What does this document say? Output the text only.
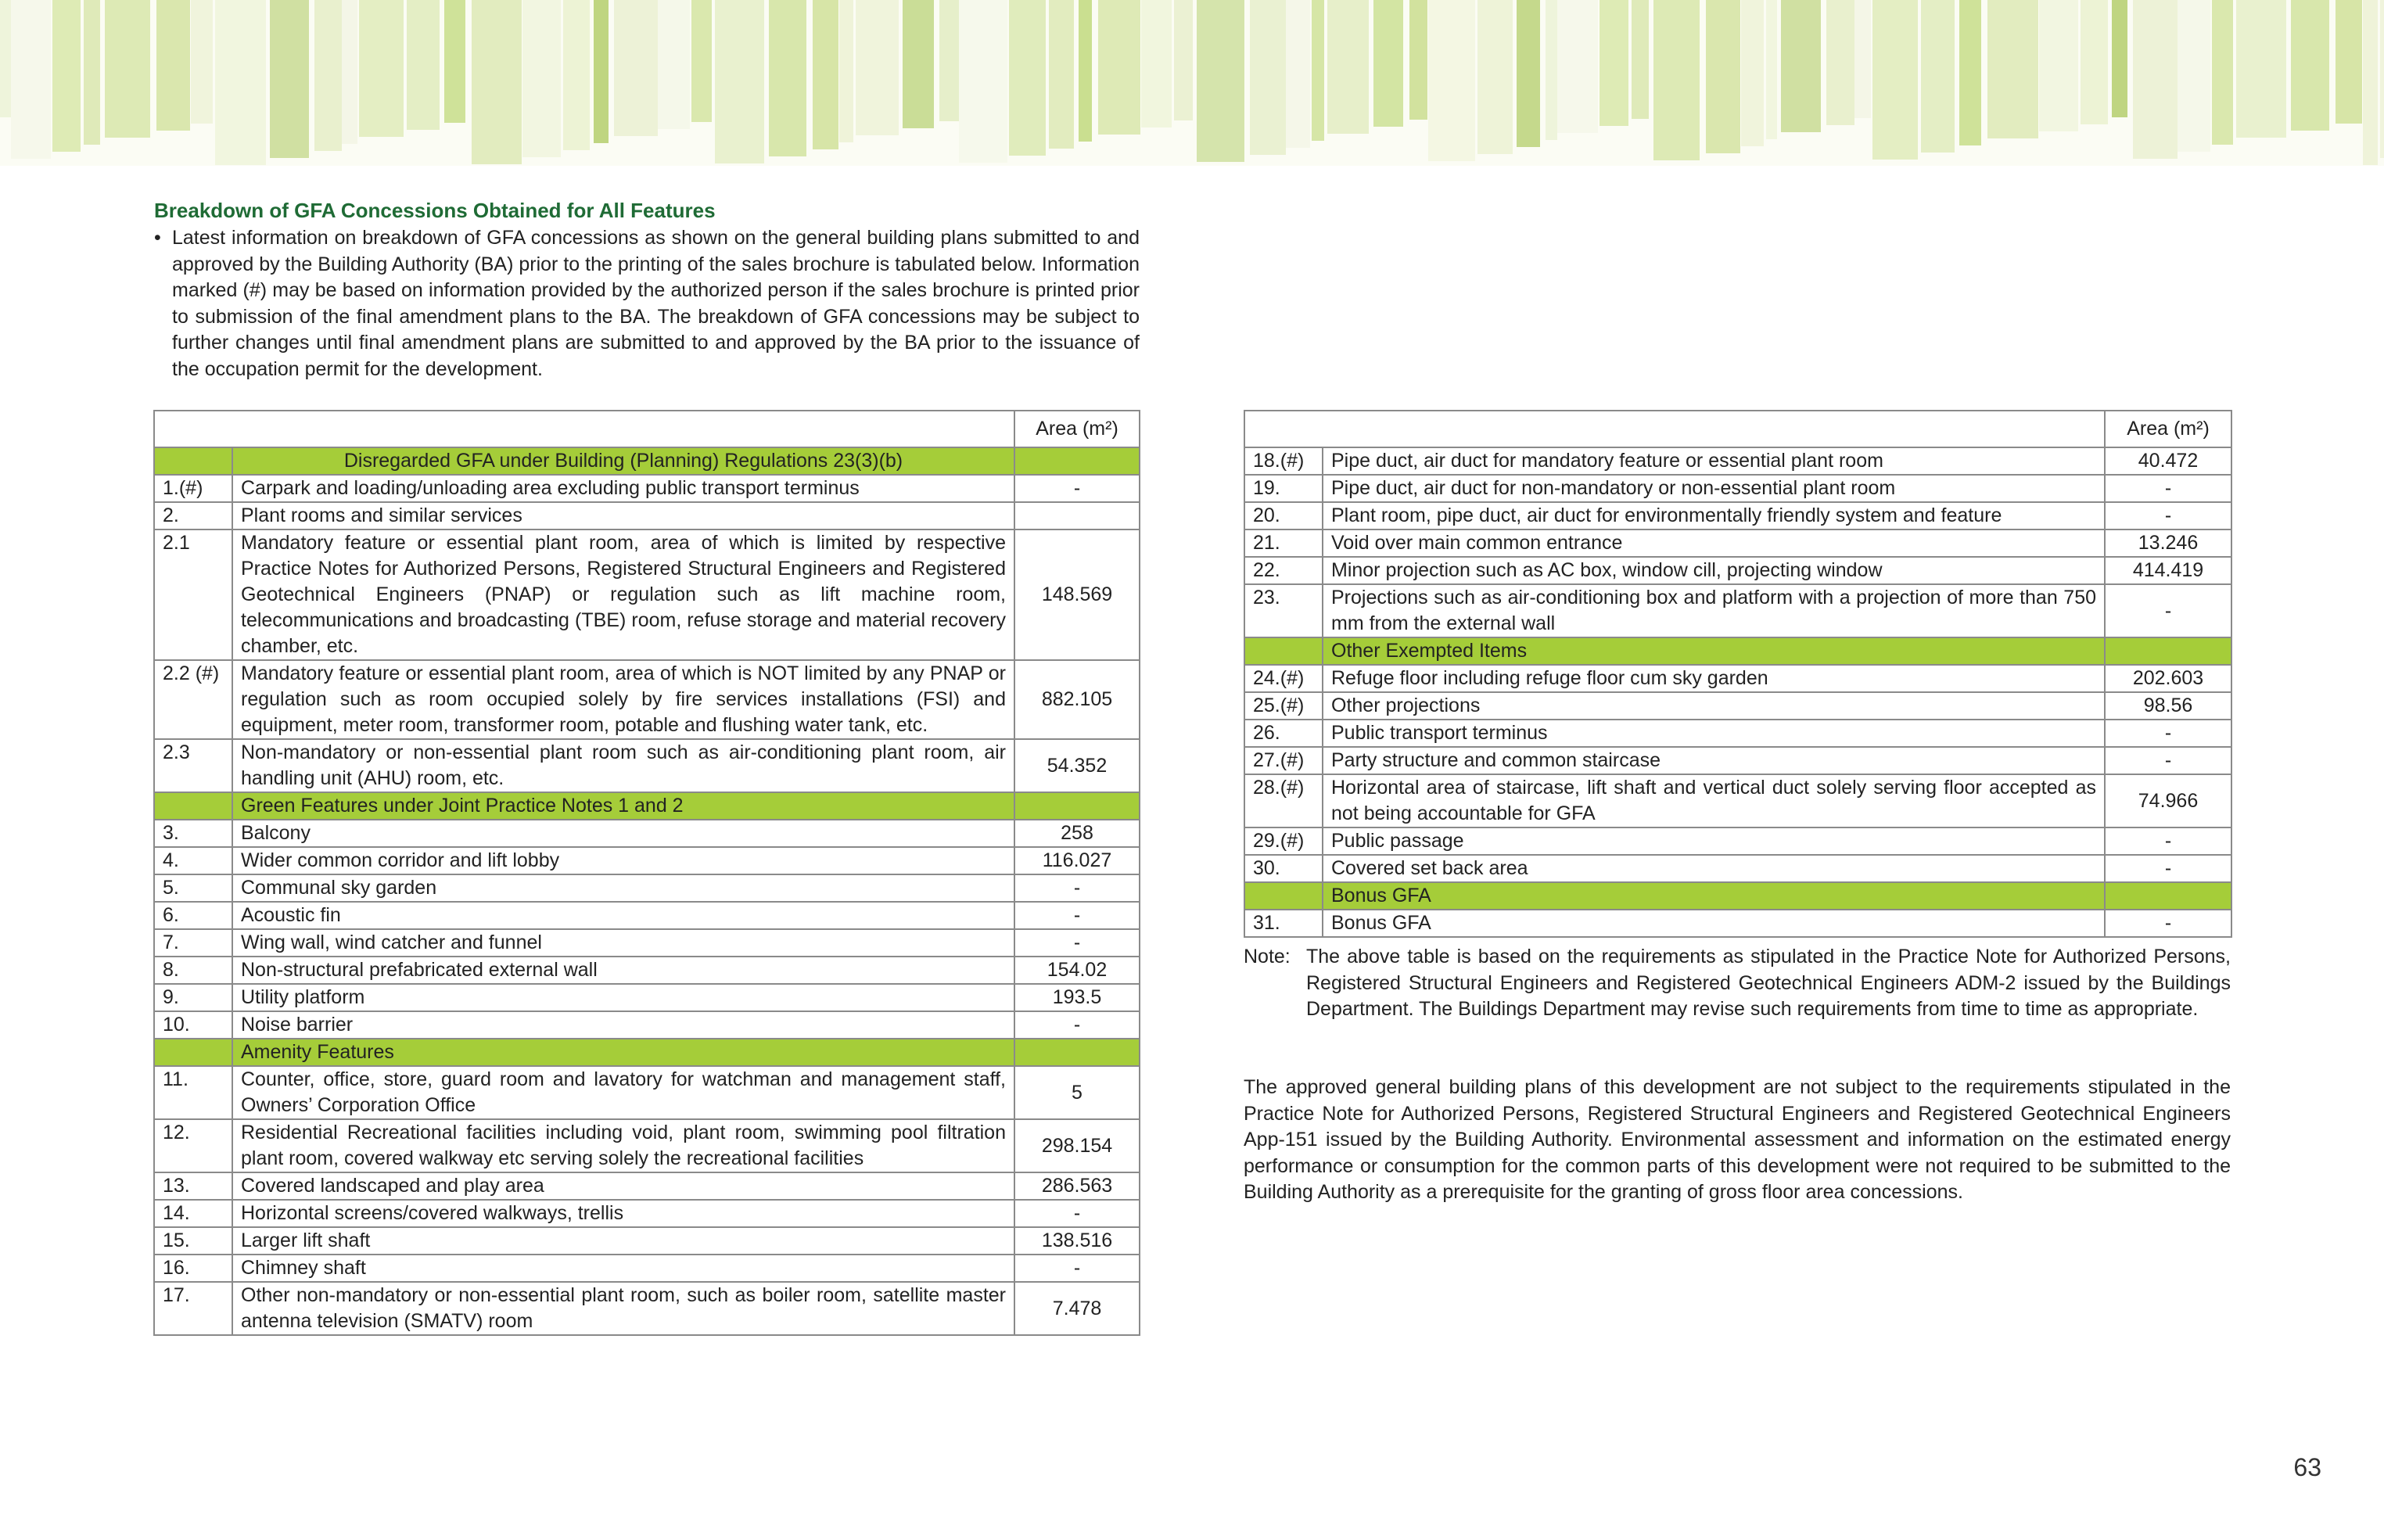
Breakdown of GFA Concessions Obtained for All Features
• Latest information on breakdown of GFA concessions as shown on the general building plans submitted to and approved by the Building Authority (BA) prior to the printing of the sales brochure is tabulated below. Information marked (#) may be based on information provided by the authorized person if the sales brochure is printed prior to submission of the final amendment plans to the BA. The breakdown of GFA concessions may be subject to further changes until final amendment plans are submitted to and approved by the BA prior to the issuance of the occupation permit for the development.
		Area (m²)
	Disregarded GFA under Building (Planning) Regulations 23(3)(b)	
1.(#)	Carpark and loading/unloading area excluding public transport terminus	-
2.	Plant rooms and similar services	
2.1	Mandatory feature or essential plant room, area of which is limited by respective Practice Notes for Authorized Persons, Registered Structural Engineers and Registered Geotechnical Engineers (PNAP) or regulation such as lift machine room, telecommunications and broadcasting (TBE) room, refuse storage and material recovery chamber, etc.	148.569
2.2 (#)	Mandatory feature or essential plant room, area of which is NOT limited by any PNAP or regulation such as room occupied solely by fire services installations (FSI) and equipment, meter room, transformer room, potable and flushing water tank, etc.	882.105
2.3	Non-mandatory or non-essential plant room such as air-conditioning plant room, air handling unit (AHU) room, etc.	54.352
	Green Features under Joint Practice Notes 1 and 2	
3.	Balcony	258
4.	Wider common corridor and lift lobby	116.027
5.	Communal sky garden	-
6.	Acoustic fin	-
7.	Wing wall, wind catcher and funnel	-
8.	Non-structural prefabricated external wall	154.02
9.	Utility platform	193.5
10.	Noise barrier	-
	Amenity Features	
11.	Counter, office, store, guard room and lavatory for watchman and management staff, Owners’ Corporation Office	5
12.	Residential Recreational facilities including void, plant room, swimming pool filtration plant room, covered walkway etc serving solely the recreational facilities	298.154
13.	Covered landscaped and play area	286.563
14.	Horizontal screens/covered walkways, trellis	-
15.	Larger lift shaft	138.516
16.	Chimney shaft	-
17.	Other non-mandatory or non-essential plant room, such as boiler room, satellite master antenna television (SMATV) room	7.478
		Area (m²)
18.(#)	Pipe duct, air duct for mandatory feature or essential plant room	40.472
19.	Pipe duct, air duct for non-mandatory or non-essential plant room	-
20.	Plant room, pipe duct, air duct for environmentally friendly system and feature	-
21.	Void over main common entrance	13.246
22.	Minor projection such as AC box, window cill, projecting window	414.419
23.	Projections such as air-conditioning box and platform with a projection of more than 750 mm from the external wall	-
	Other Exempted Items	
24.(#)	Refuge floor including refuge floor cum sky garden	202.603
25.(#)	Other projections	98.56
26.	Public transport terminus	-
27.(#)	Party structure and common staircase	-
28.(#)	Horizontal area of staircase, lift shaft and vertical duct solely serving floor accepted as not being accountable for GFA	74.966
29.(#)	Public passage	-
30.	Covered set back area	-
	Bonus GFA	
31.	Bonus GFA	-
Note: The above table is based on the requirements as stipulated in the Practice Note for Authorized Persons, Registered Structural Engineers and Registered Geotechnical Engineers ADM-2 issued by the Buildings Department. The Buildings Department may revise such requirements from time to time as appropriate.
The approved general building plans of this development are not subject to the requirements stipulated in the Practice Note for Authorized Persons, Registered Structural Engineers and Registered Geotechnical Engineers App-151 issued by the Building Authority. Environmental assessment and information on the estimated energy performance or consumption for the common parts of this development were not required to be submitted to the Building Authority as a prerequisite for the granting of gross floor area concessions.
63
